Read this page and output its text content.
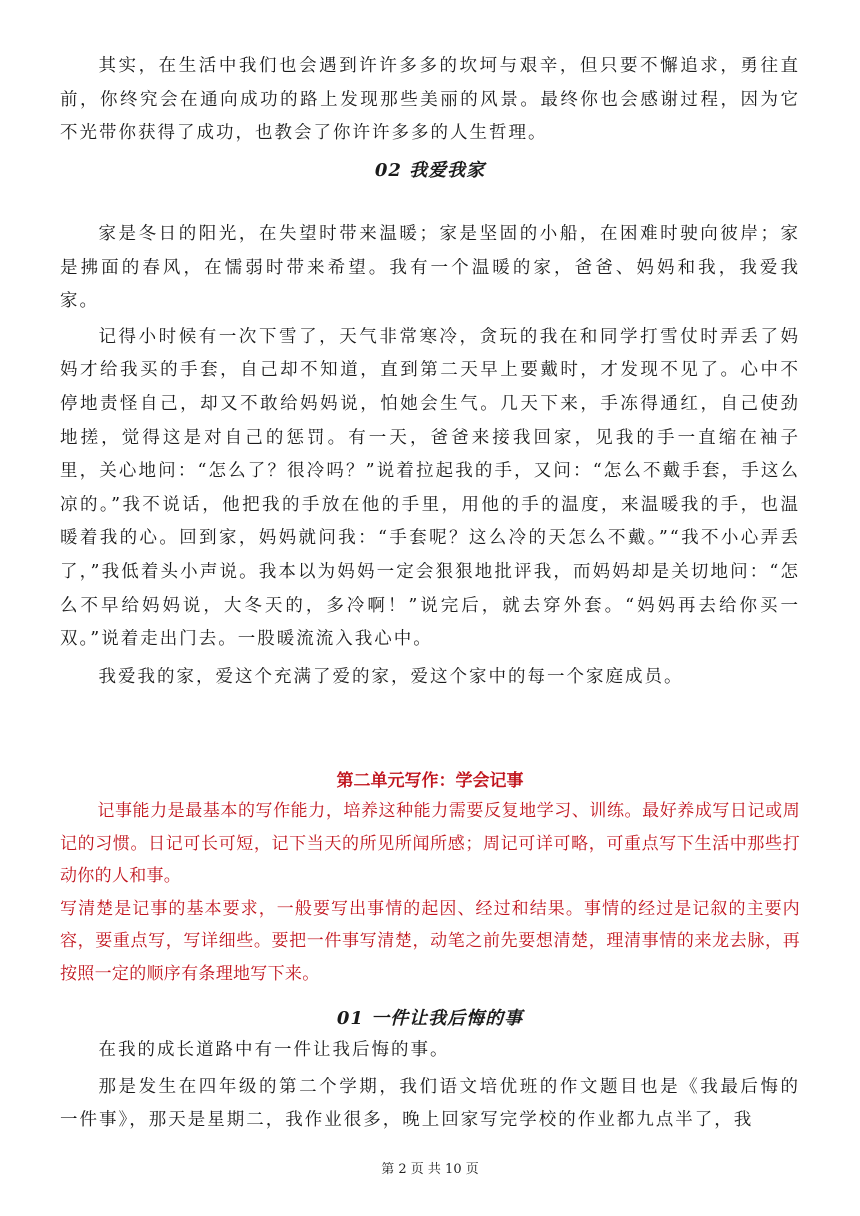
其实，在生活中我们也会遇到许许多多的坎坷与艰辛，但只要不懈追求，勇往直前，你终究会在通向成功的路上发现那些美丽的风景。最终你也会感谢过程，因为它不光带你获得了成功，也教会了你许许多多的人生哲理。

02 我爱我家

家是冬日的阳光，在失望时带来温暖；家是坚固的小船，在困难时驶向彼岸；家是拂面的春风，在懦弱时带来希望。我有一个温暖的家，爸爸、妈妈和我，我爱我家。

记得小时候有一次下雪了，天气非常寒冷，贪玩的我在和同学打雪仗时弄丢了妈妈才给我买的手套，自己却不知道，直到第二天早上要戴时，才发现不见了。心中不停地责怪自己，却又不敢给妈妈说，怕她会生气。几天下来，手冻得通红，自己使劲地搓，觉得这是对自己的惩罚。有一天，爸爸来接我回家，见我的手一直缩在袖子里，关心地问：“怎么了？很冷吗？”说着拉起我的手，又问：“怎么不戴手套，手这么凉的。”我不说话，他把我的手放在他的手里，用他的手的温度，来温暖我的手，也温暖着我的心。回到家，妈妈就问我：“手套呢？这么冷的天怎么不戴。”“我不小心弄丢了，”我低着头小声说。我本以为妈妈一定会狠狠地批评我，而妈妈却是关切地问：“怎么不早给妈妈说，大冬天的，多冷啊！”说完后，就去穿外套。“妈妈再去给你买一双。”说着走出门去。一股暖流流入我心中。

我爱我的家，爱这个充满了爱的家，爱这个家中的每一个家庭成员。

第二单元写作：学会记事

记事能力是最基本的写作能力，培养这种能力需要反复地学习、训练。最好养成写日记或周记的习惯。日记可长可短，记下当天的所见所闻所感；周记可详可略，可重点写下生活中那些打动你的人和事。

写清楚是记事的基本要求，一般要写出事情的起因、经过和结果。事情的经过是记叙的主要内容，要重点写，写详细些。要把一件事写清楚，动笔之前先要想清楚，理清事情的来龙去脉，再按照一定的顺序有条理地写下来。

01 一件让我后悔的事

在我的成长道路中有一件让我后悔的事。

那是发生在四年级的第二个学期，我们语文培优班的作文题目也是《我最后悔的一件事》，那天是星期二，我作业很多，晚上回家写完学校的作业都九点半了，我

第 2 页 共 10 页
